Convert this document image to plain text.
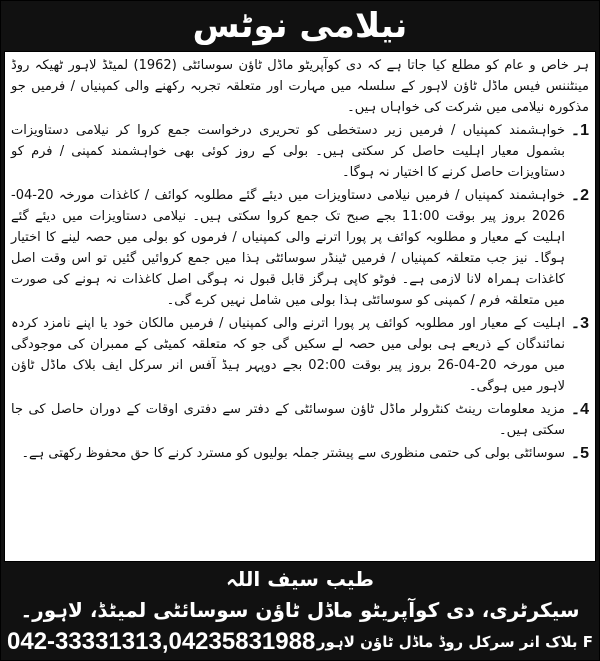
نیلامی نوٹس
ہر خاص و عام کو مطلع کیا جاتا ہے کہ دی کوآپریٹو ماڈل ٹاؤن سوسائٹی (1962) لمیٹڈ لاہور ٹھیکہ روڈ مینٹننس فیس ماڈل ٹاؤن لاہور کے سلسلہ میں مہارت اور متعلقہ تجربہ رکھنے والی کمپنیاں / فرمیں جو مذکورہ نیلامی میں شرکت کی خواہاں ہیں۔
1۔
خواہشمند کمپنیاں / فرمیں زیر دستخطی کو تحریری درخواست جمع کروا کر نیلامی دستاویزات بشمول معیار اہلیت حاصل کر سکتی ہیں۔ بولی کے روز کوئی بھی خواہشمند کمپنی / فرم کو دستاویزات حاصل کرنے کا اختیار نہ ہوگا۔
2۔
خواہشمند کمپنیاں / فرمیں نیلامی دستاویزات میں دیئے گئے مطلوبہ کوائف / کاغذات مورخہ 20-04-2026 بروز پیر بوقت 11:00 بجے صبح تک جمع کروا سکتی ہیں۔ نیلامی دستاویزات میں دیئے گئے اہلیت کے معیار و مطلوبہ کوائف پر پورا اترنے والی کمپنیاں / فرموں کو بولی میں حصہ لینے کا اختیار ہوگا۔ نیز جب متعلقہ کمپنیاں / فرمیں ٹینڈر سوسائٹی ہذا میں جمع کروائیں گئیں تو اس وقت اصل کاغذات ہمراہ لانا لازمی ہے۔ فوٹو کاپی ہرگز قابل قبول نہ ہوگی اصل کاغذات نہ ہونے کی صورت میں متعلقہ فرم / کمپنی کو سوسائٹی ہذا بولی میں شامل نہیں کرے گی۔
3۔
اہلیت کے معیار اور مطلوبہ کوائف پر پورا اترنے والی کمپنیاں / فرمیں مالکان خود یا اپنے نامزد کردہ نمائندگان کے ذریعے ہی بولی میں حصہ لے سکیں گی جو کہ متعلقہ کمیٹی کے ممبران کی موجودگی میں مورخہ 20-04-26 بروز پیر بوقت 02:00 بجے دوپہر ہیڈ آفس انر سرکل ایف بلاک ماڈل ٹاؤن لاہور میں ہوگی۔
4۔
مزید معلومات رینٹ کنٹرولر ماڈل ٹاؤن سوسائٹی کے دفتر سے دفتری اوقات کے دوران حاصل کی جا سکتی ہیں۔
5۔
سوسائٹی بولی کی حتمی منظوری سے پیشتر جملہ بولیوں کو مسترد کرنے کا حق محفوظ رکھتی ہے۔
طیب سیف اللہ
سیکرٹری، دی کوآپریٹو ماڈل ٹاؤن سوسائٹی لمیٹڈ، لاہور۔
F بلاک انر سرکل روڈ ماڈل ٹاؤن لاہور
042-33331313,04235831988
